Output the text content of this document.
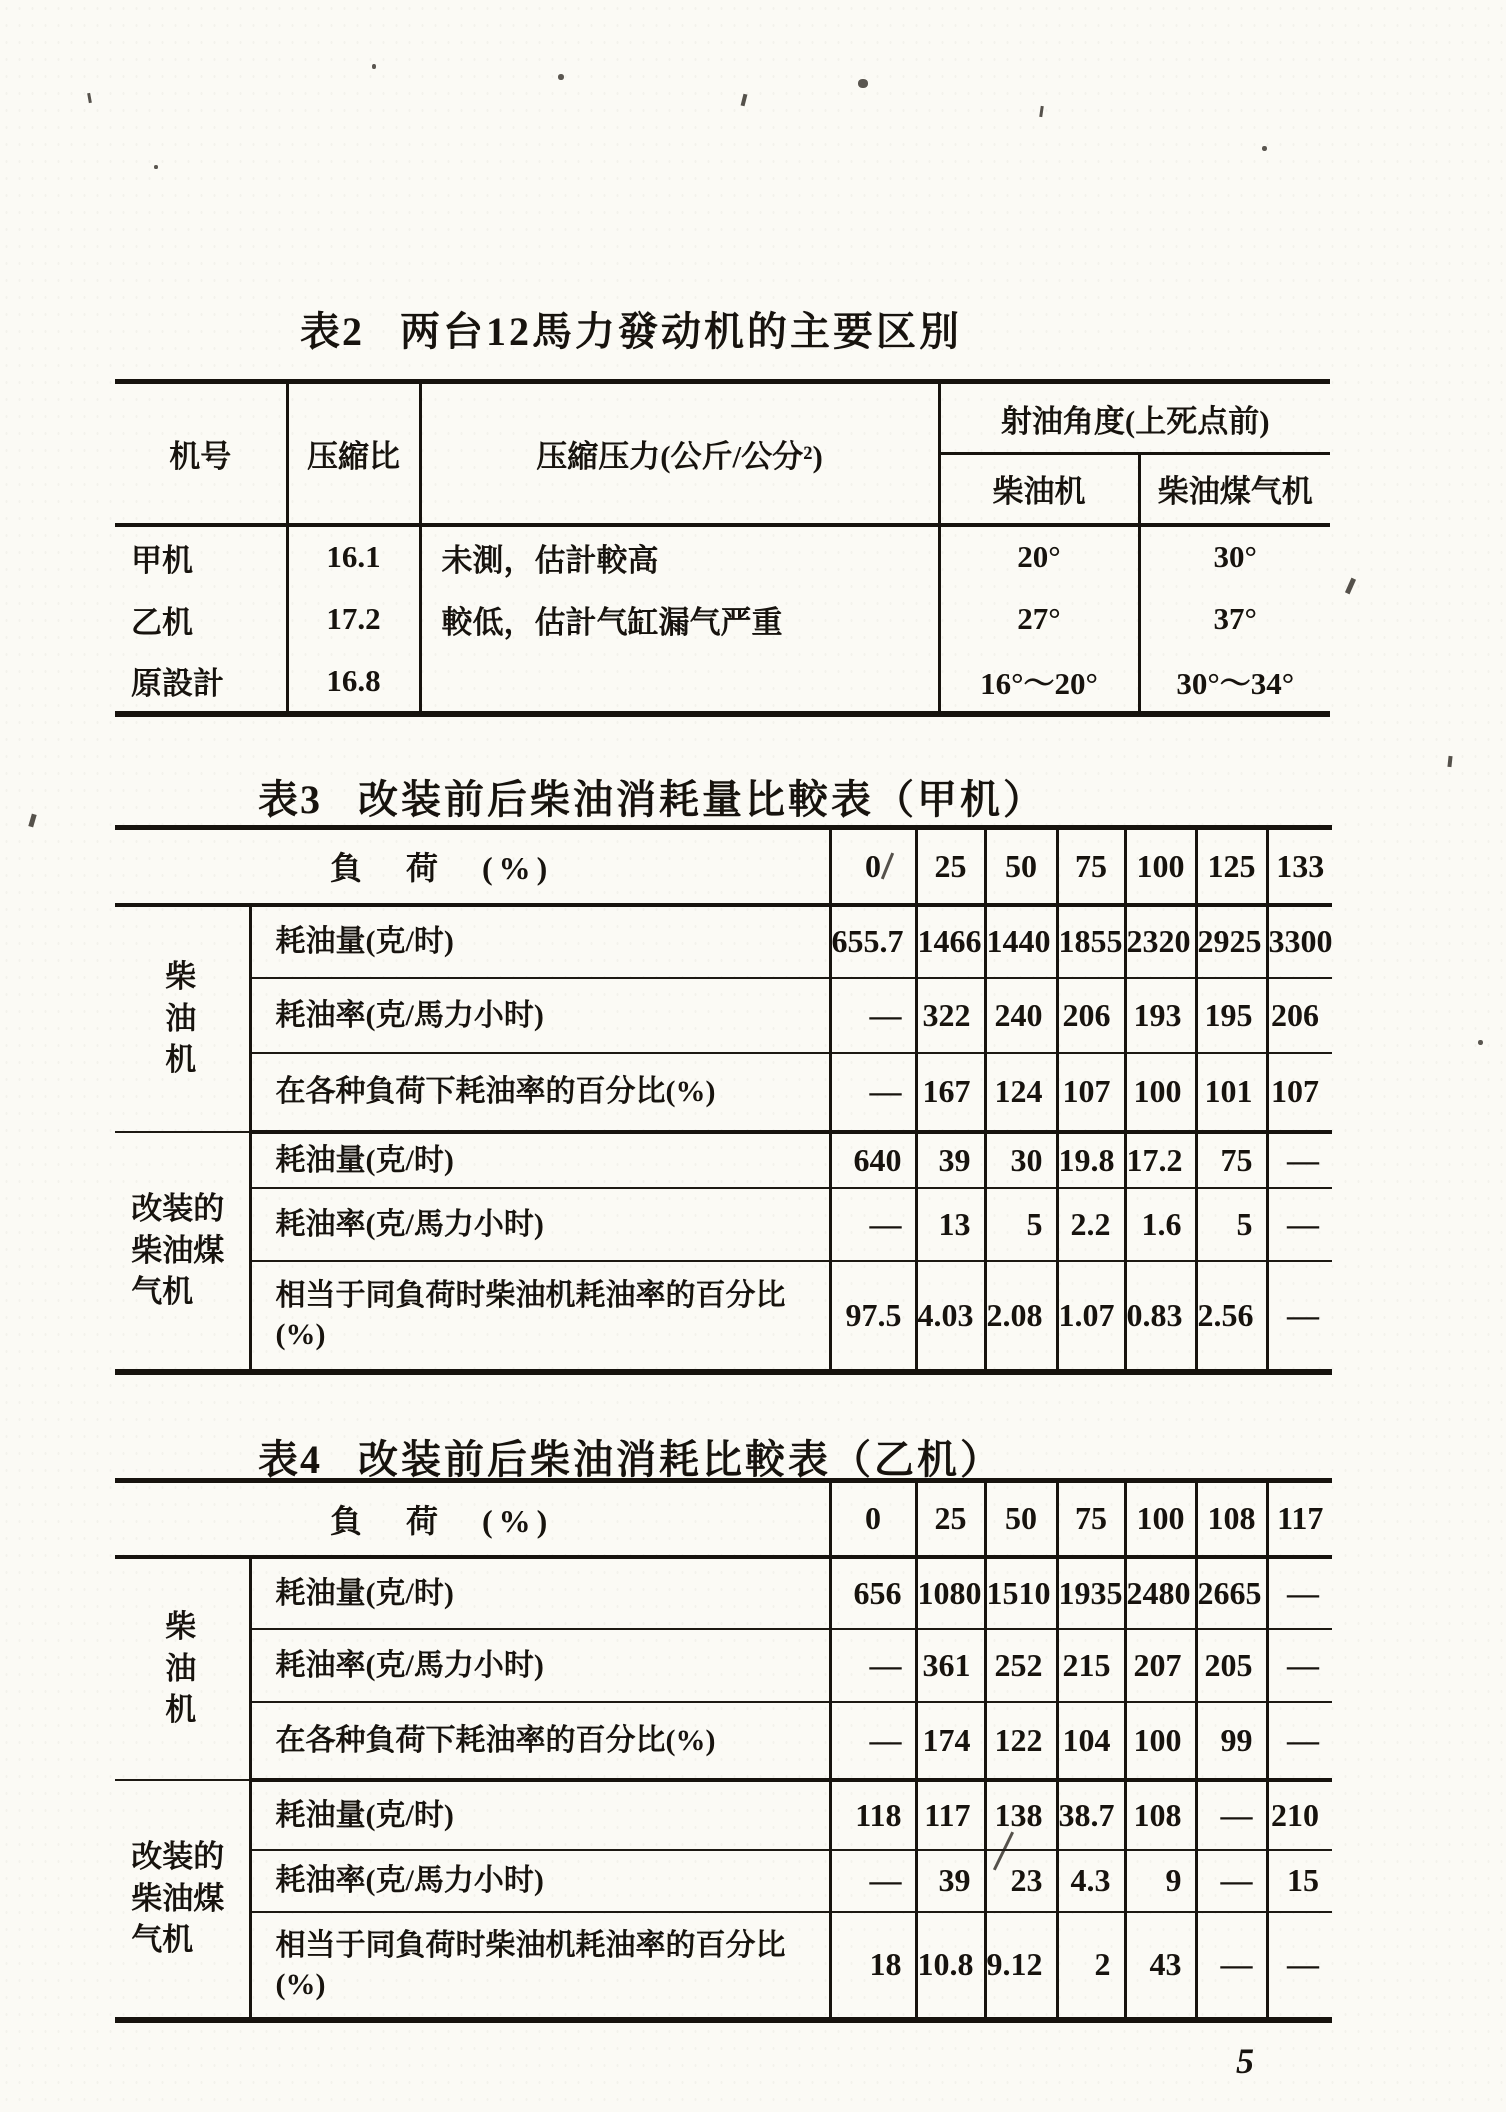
表2 两台12馬力發动机的主要区別
机号	压縮比	压縮压力(公斤/公分²)	射油角度(上死点前)	
			柴油机	柴油煤气机
甲机	16.1	未測，估計較高	20°	30°
乙机	17.2	較低，估計气缸漏气严重	27°	37°
原設計	16.8		16°～20°	30°～34°
表3 改装前后柴油消耗量比較表（甲机）
負　荷　(%)		0	25	50	75	100	125	133
柴油机	耗油量(克/时)	655.7	1466	1440	1855	2320	2925	3300
	耗油率(克/馬力小时)	—	322	240	206	193	195	206
	在各种負荷下耗油率的百分比(%)	—	167	124	107	100	101	107
改装的柴油煤气机	耗油量(克/时)	640	39	30	19.8	17.2	75	—
	耗油率(克/馬力小时)	—	13	5	2.2	1.6	5	—
	相当于同負荷时柴油机耗油率的百分比(%)	97.5	4.03	2.08	1.07	0.83	2.56	—
表4 改装前后柴油消耗比較表（乙机）
負　荷　(%)		0	25	50	75	100	108	117
柴油机	耗油量(克/时)	656	1080	1510	1935	2480	2665	—
	耗油率(克/馬力小时)	—	361	252	215	207	205	—
	在各种負荷下耗油率的百分比(%)	—	174	122	104	100	99	—
改装的柴油煤气机	耗油量(克/时)	118	117	138	38.7	108	—	210
	耗油率(克/馬力小时)	—	39	23	4.3	9	—	15
	相当于同負荷时柴油机耗油率的百分比(%)	18	10.8	9.12	2	43	—	—
5
